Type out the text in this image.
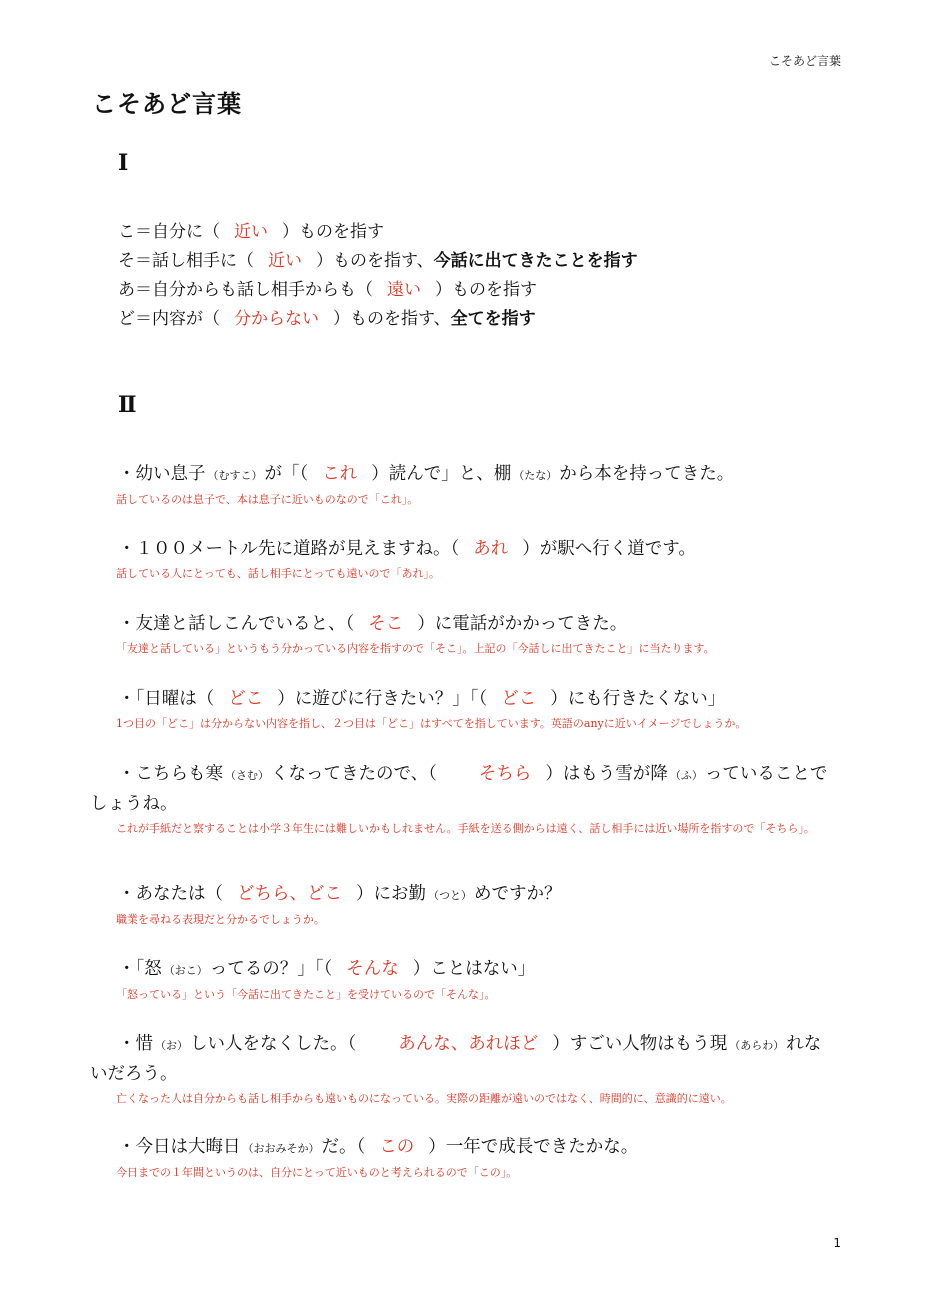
こそあど言葉
こそあど言葉
Ⅰ
こ＝自分に（ 近い ）ものを指す
そ＝話し相手に（ 近い ）ものを指す、今話に出てきたことを指す
あ＝自分からも話し相手からも（ 遠い ）ものを指す
ど＝内容が（ 分からない ）ものを指す、全てを指す
Ⅱ
・幼い息子 （むすこ） が「（ これ ）読んで」と、棚 （たな） から本を持ってきた。
話しているのは息子で、本は息子に近いものなので「これ」。
・１００メートル先に道路が見えますね。（ あれ ）が駅へ行く道です。
話している人にとっても、話し相手にとっても遠いので「あれ」。
・友達と話しこんでいると、（ そこ ）に電話がかかってきた。
「友達と話している」というもう分かっている内容を指すので「そこ」。上記の「今話しに出てきたこと」に当たります。
・「日曜は（ どこ ）に遊びに行きたい？」「（ どこ ）にも行きたくない」
1つ目の「どこ」は分からない内容を指し、２つ目は「どこ」はすべてを指しています。英語のanyに近いイメージでしょうか。
・こちらも寒 （さむ） くなってきたので、（ そちら ）はもう雪が降 （ふ） っていることでしょうね。
これが手紙だと察することは小学３年生には難しいかもしれません。手紙を送る側からは遠く、話し相手には近い場所を指すので「そちら」。
・あなたは（ どちら、どこ ）にお勤 （つと） めですか？
職業を尋ねる表現だと分かるでしょうか。
・「怒 （おこ） ってるの？」「（ そんな ）ことはない」
「怒っている」という「今話に出てきたこと」を受けているので「そんな」。
・惜 （お） しい人をなくした。（ あんな、あれほど ）すごい人物はもう現 （あらわ） れないだろう。
亡くなった人は自分からも話し相手からも遠いものになっている。実際の距離が遠いのではなく、時間的に、意識的に遠い。
・今日は大晦日 （おおみそか） だ。（ この ）一年で成長できたかな。
今日までの１年間というのは、自分にとって近いものと考えられるので「この」。
1
